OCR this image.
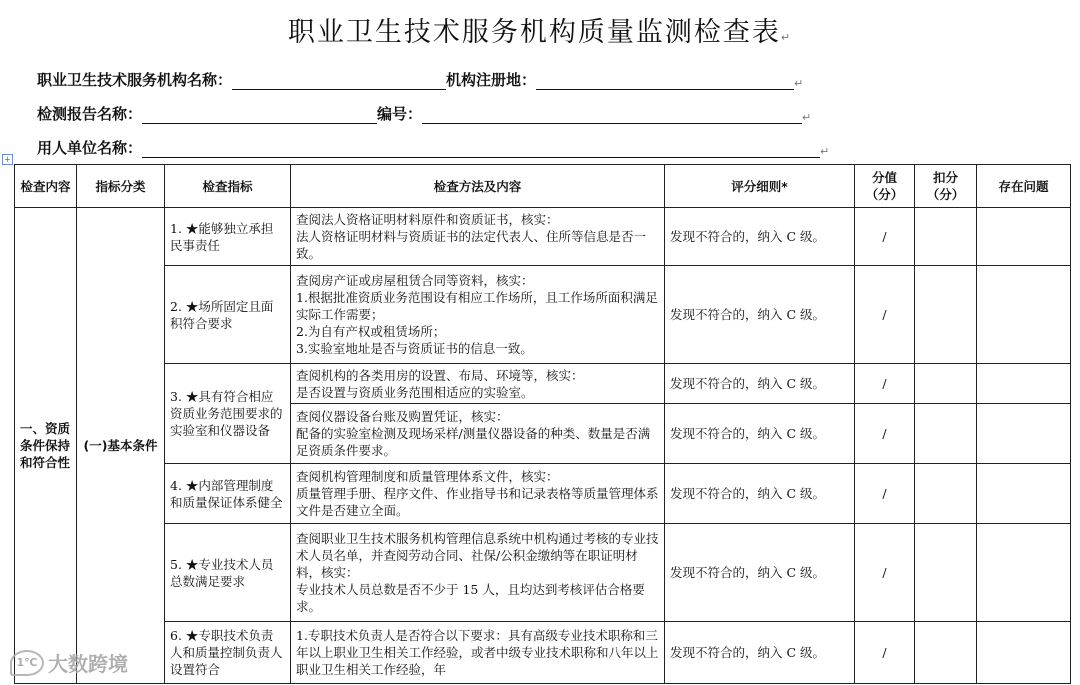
职业卫生技术服务机构质量监测检查表↵
职业卫生技术服务机构名称：	机构注册地：	↵
检测报告名称：	编号：	↵
用人单位名称：	↵
+
检查内容	指标分类	检查指标	检查方法及内容	评分细则*	分值（分）	扣分（分）	存在问题
一、资质条件保持和符合性	(一)基本条件	1. ★能够独立承担民事责任	查阅法人资格证明材料原件和资质证书，核实：
法人资格证明材料与资质证书的法定代表人、住所等信息是否一致。	发现不符合的，纳入 C 级。	/		
		2. ★场所固定且面积符合要求	查阅房产证或房屋租赁合同等资料，核实：
1.根据批准资质业务范围设有相应工作场所，且工作场所面积满足实际工作需要；
2.为自有产权或租赁场所；
3.实验室地址是否与资质证书的信息一致。	发现不符合的，纳入 C 级。	/		
		3. ★具有符合相应资质业务范围要求的实验室和仪器设备	查阅机构的各类用房的设置、布局、环境等，核实：
是否设置与资质业务范围相适应的实验室。	发现不符合的，纳入 C 级。	/		

			查阅仪器设备台账及购置凭证，核实：
配备的实验室检测及现场采样/测量仪器设备的种类、数量是否满足资质条件要求。	发现不符合的，纳入 C 级。	/		
		4. ★内部管理制度和质量保证体系健全	查阅机构管理制度和质量管理体系文件，核实：
质量管理手册、程序文件、作业指导书和记录表格等质量管理体系文件是否建立全面。	发现不符合的，纳入 C 级。	/		
		5. ★专业技术人员总数满足要求	查阅职业卫生技术服务机构管理信息系统中机构通过考核的专业技术人员名单，并查阅劳动合同、社保/公积金缴纳等在职证明材料，核实：
专业技术人员总数是否不少于 15 人，且均达到考核评估合格要求。	发现不符合的，纳入 C 级。	/		
		6. ★专职技术负责人和质量控制负责人设置符合	1.专职技术负责人是否符合以下要求：具有高级专业技术职称和三年以上职业卫生相关工作经验，或者中级专业技术职称和八年以上职业卫生相关工作经验，年	发现不符合的，纳入 C 级。	/		
1℃ 大数跨境
